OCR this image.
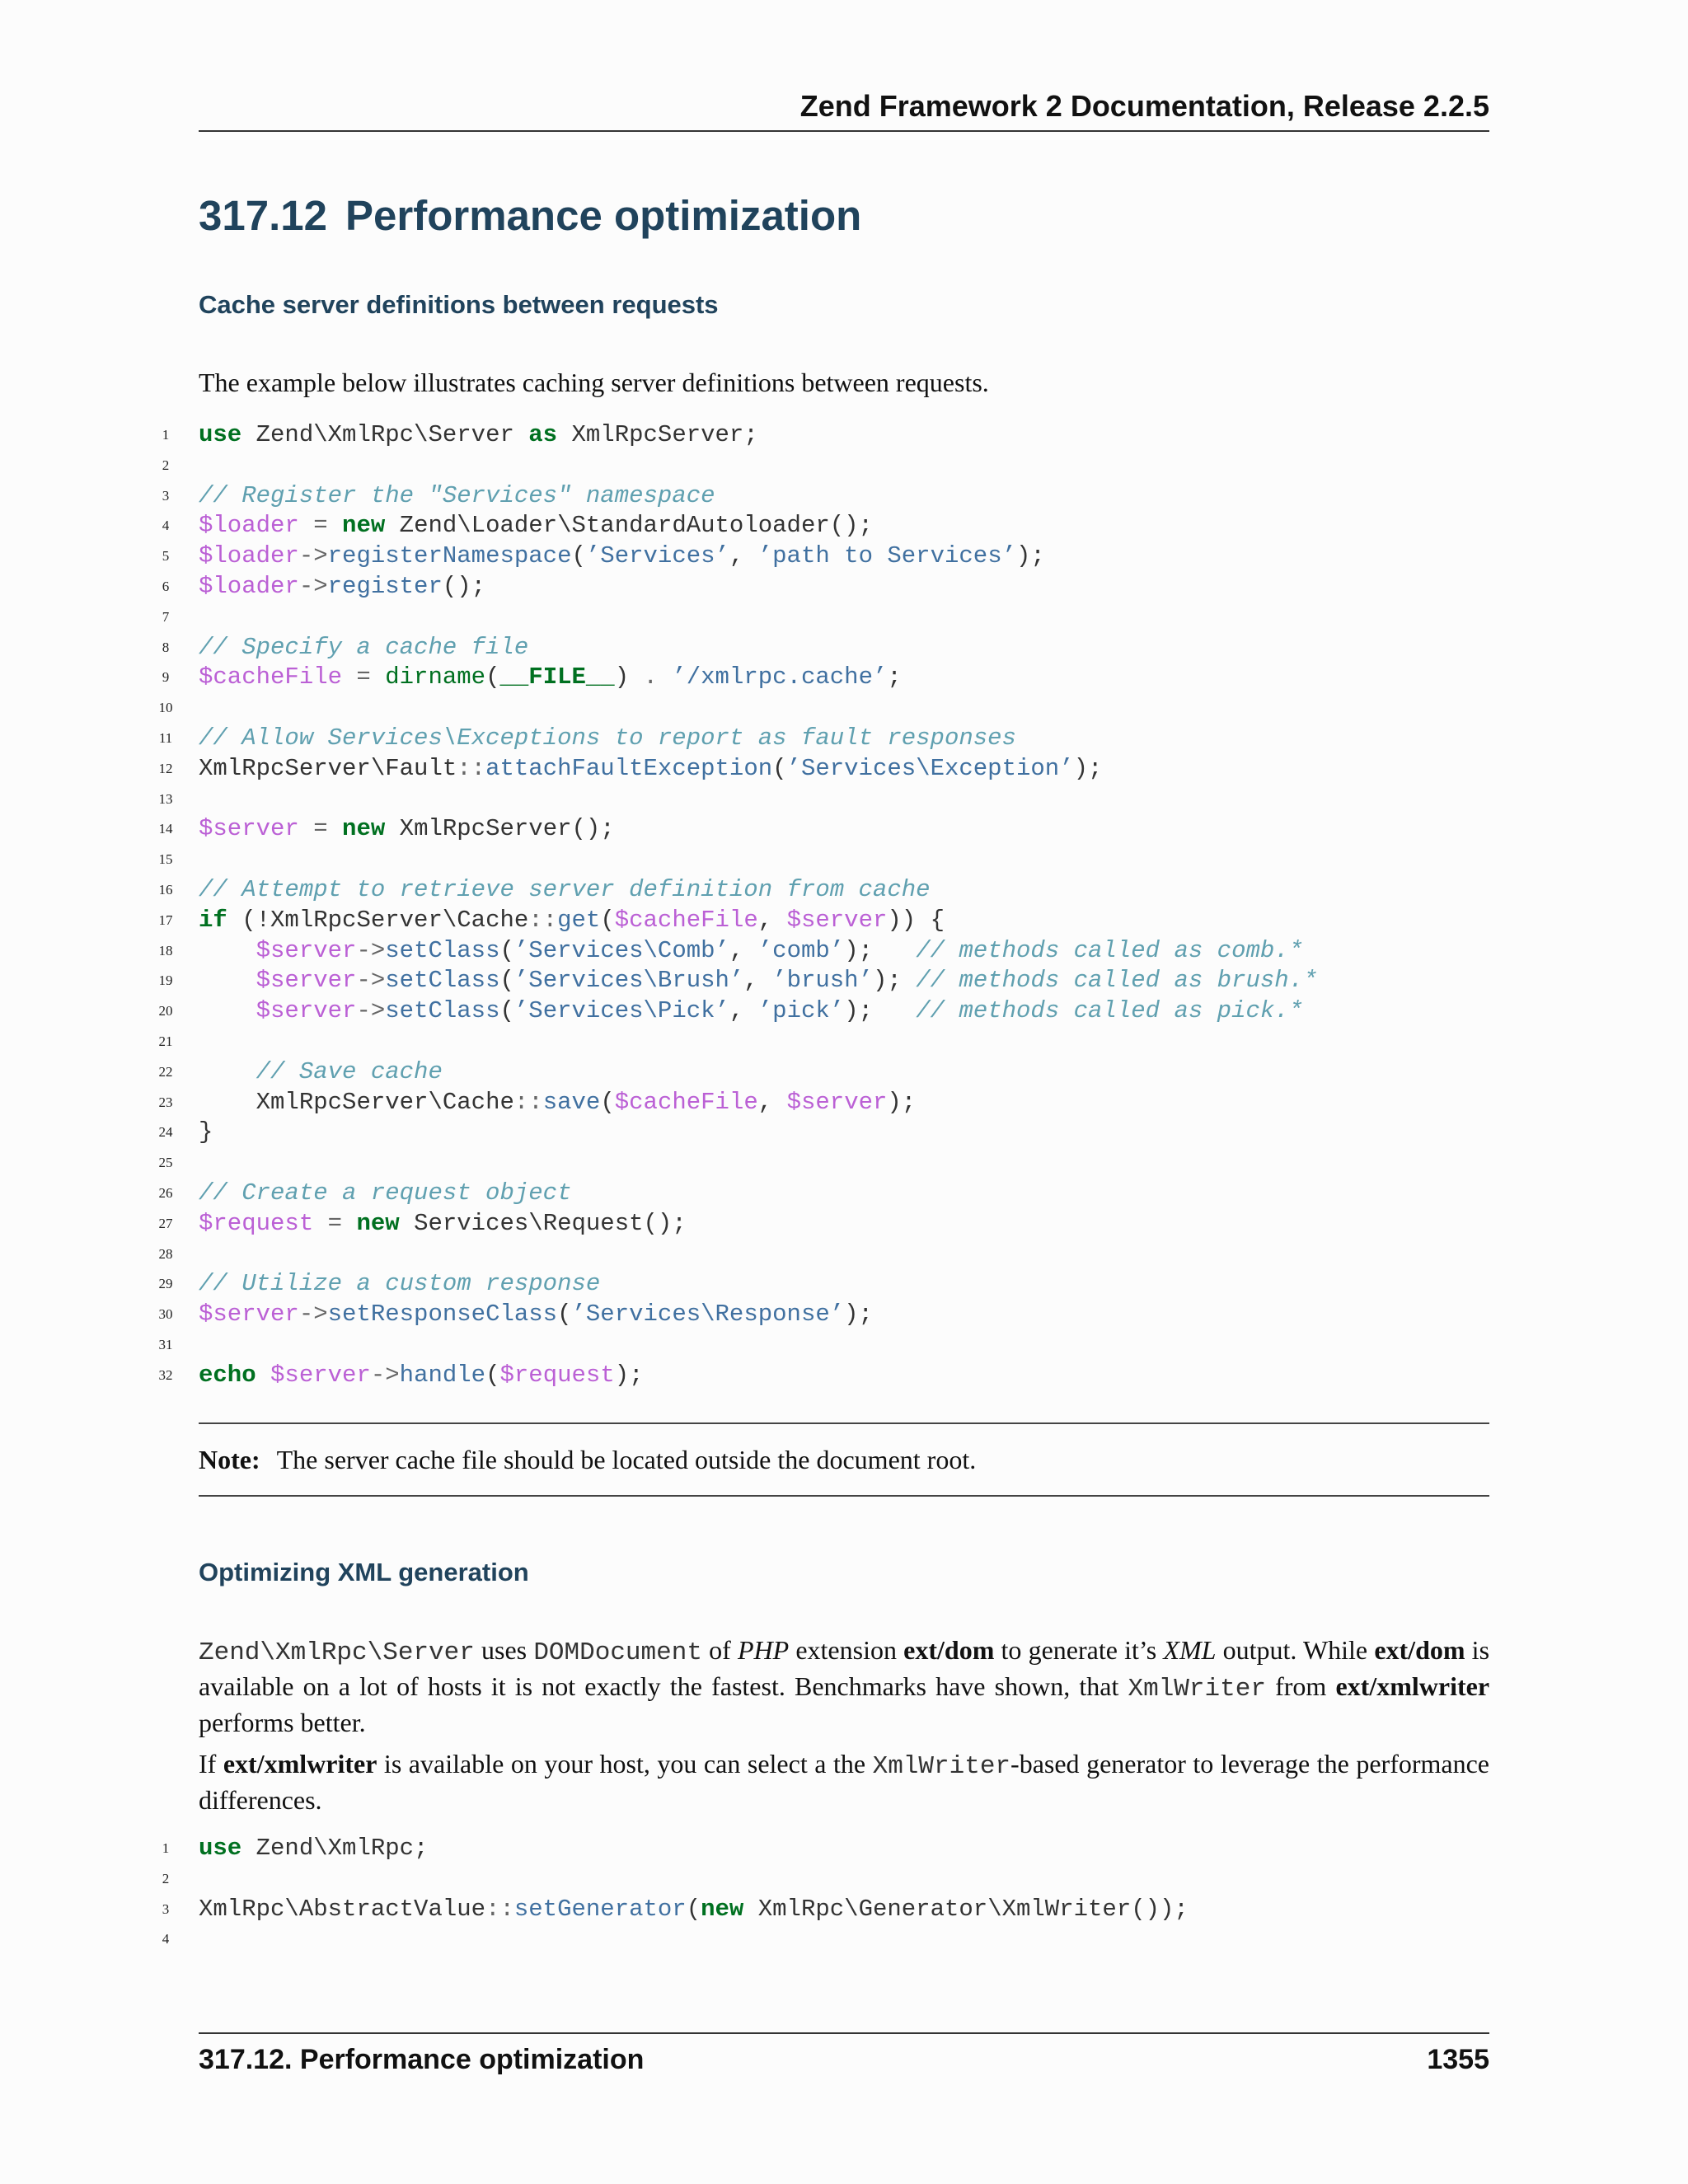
Zend Framework 2 Documentation, Release 2.2.5
317.12 Performance optimization
Cache server definitions between requests

The example below illustrates caching server definitions between requests.

1	use Zend\XmlRpc\Server as XmlRpcServer;
2
3	// Register the "Services" namespace
4	$loader = new Zend\Loader\StandardAutoloader();
5	$loader->registerNamespace(’Services’, ’path to Services’);
6	$loader->register();
7
8	// Specify a cache file
9	$cacheFile = dirname(__FILE__) . ’/xmlrpc.cache’;
10
11	// Allow Services\Exceptions to report as fault responses
12	XmlRpcServer\Fault::attachFaultException(’Services\Exception’);
13
14	$server = new XmlRpcServer();
15
16	// Attempt to retrieve server definition from cache
17	if (!XmlRpcServer\Cache::get($cacheFile, $server)) {
18	$server->setClass(’Services\Comb’, ’comb’);   // methods called as comb.*
19	$server->setClass(’Services\Brush’, ’brush’); // methods called as brush.*
20	$server->setClass(’Services\Pick’, ’pick’);   // methods called as pick.*
21
22	// Save cache
23	XmlRpcServer\Cache::save($cacheFile, $server);
24	}
25
26	// Create a request object
27	$request = new Services\Request();
28
29	// Utilize a custom response
30	$server->setResponseClass(’Services\Response’);
31
32	echo $server->handle($request);
Note: The server cache file should be located outside the document root.
Optimizing XML generation

Zend\XmlRpc\Server uses DOMDocument of PHP extension ext/dom to generate it’s XML output. While ext/dom is available on a lot of hosts it is not exactly the fastest. Benchmarks have shown, that XmlWriter from ext/xmlwriter performs better.

If ext/xmlwriter is available on your host, you can select a the XmlWriter-based generator to leverage the performance differences.

1	use Zend\XmlRpc;
2
3	XmlRpc\AbstractValue::setGenerator(new XmlRpc\Generator\XmlWriter());
4
317.12. Performance optimization	1355
